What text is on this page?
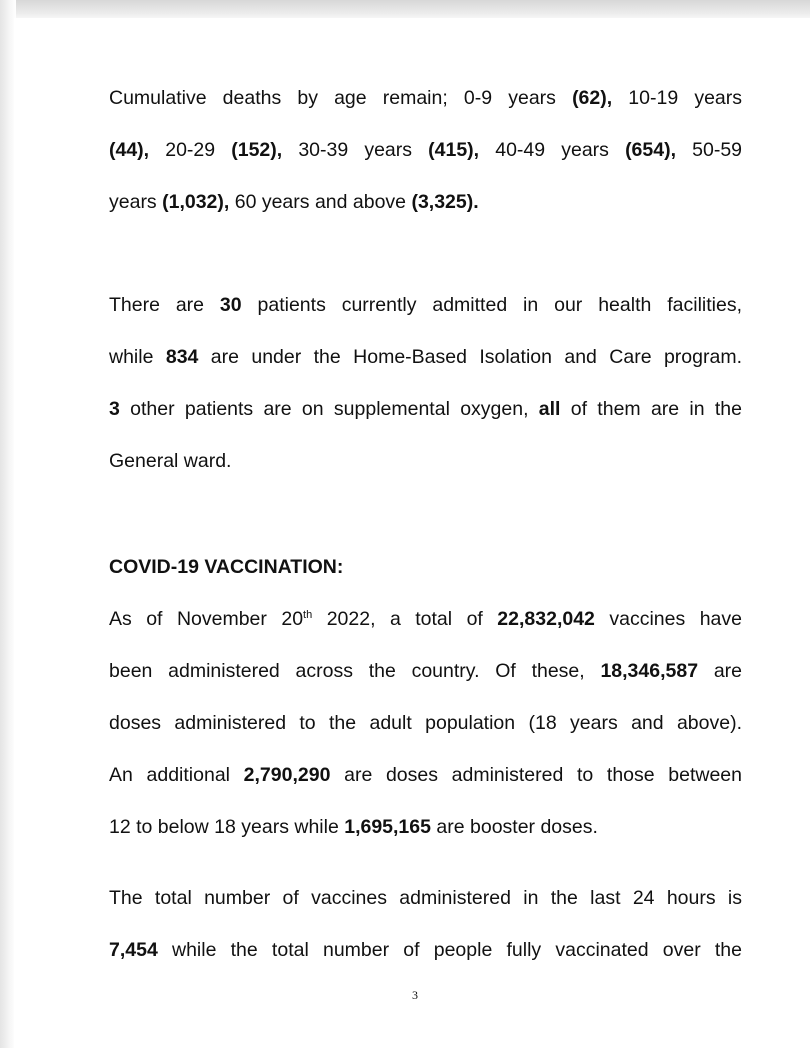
Cumulative deaths by age remain; 0-9 years (62), 10-19 years

(44), 20-29 (152), 30-39 years (415), 40-49 years (654), 50-59

years (1,032), 60 years and above (3,325).

There are 30 patients currently admitted in our health facilities,

while 834 are under the Home-Based Isolation and Care program.

3 other patients are on supplemental oxygen, all of them are in the

General ward.

COVID-19 VACCINATION:

As of November 20th 2022, a total of 22,832,042 vaccines have

been administered across the country. Of these, 18,346,587 are

doses administered to the adult population (18 years and above).

An additional 2,790,290 are doses administered to those between

12 to below 18 years while 1,695,165 are booster doses.

The total number of vaccines administered in the last 24 hours is

7,454 while the total number of people fully vaccinated over the

3
